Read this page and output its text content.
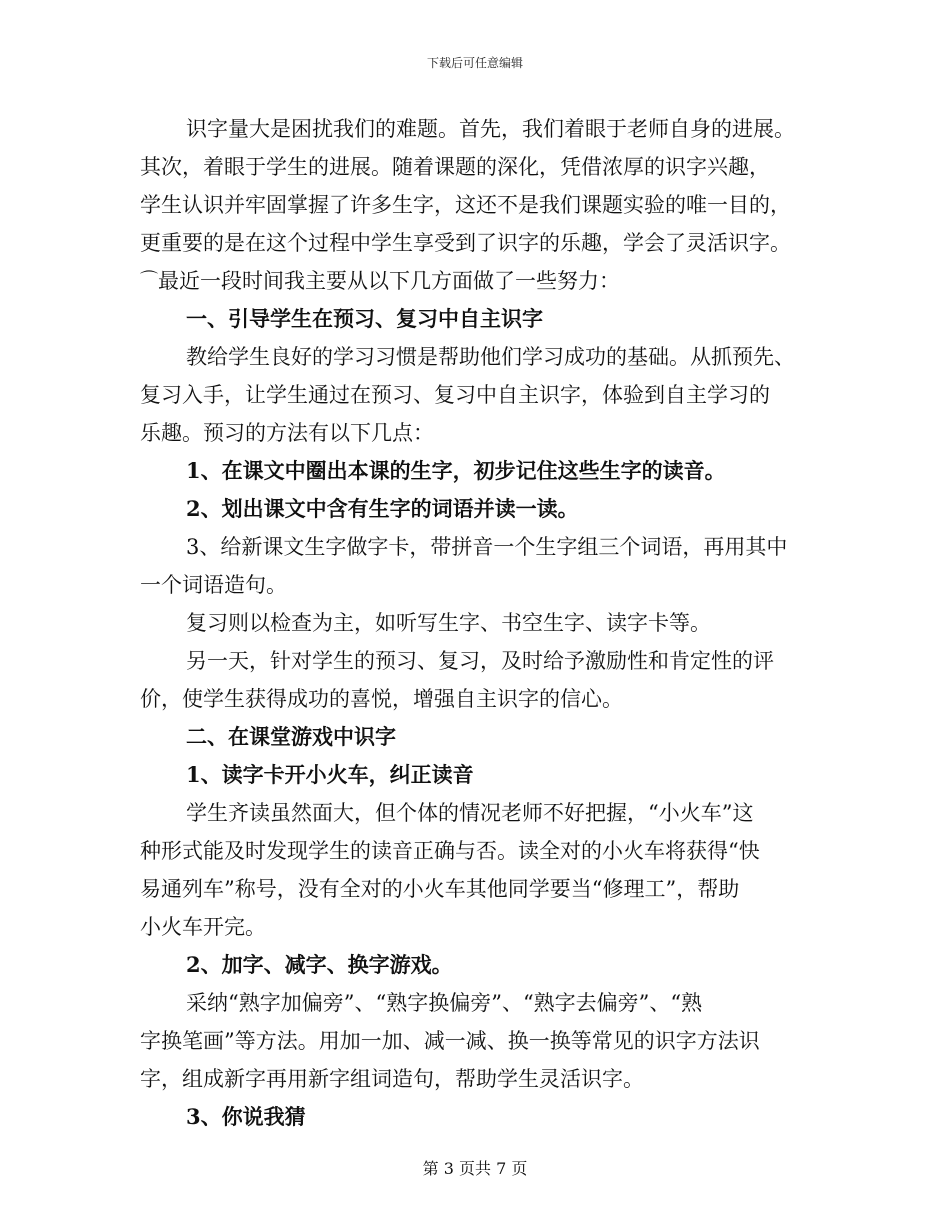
下载后可任意编辑
识字量大是困扰我们的难题。首先，我们着眼于老师自身的进展。
其次，着眼于学生的进展。随着课题的深化，凭借浓厚的识字兴趣，
学生认识并牢固掌握了许多生字，这还不是我们课题实验的唯一目的，
更重要的是在这个过程中学生享受到了识字的乐趣，学会了灵活识字。
⌒最近一段时间我主要从以下几方面做了一些努力：
一、引导学生在预习、复习中自主识字
教给学生良好的学习习惯是帮助他们学习成功的基础。从抓预先、
复习入手，让学生通过在预习、复习中自主识字，体验到自主学习的
乐趣。预习的方法有以下几点：
1、在课文中圈出本课的生字，初步记住这些生字的读音。
2、划出课文中含有生字的词语并读一读。
3、给新课文生字做字卡，带拼音一个生字组三个词语，再用其中
一个词语造句。
复习则以检查为主，如听写生字、书空生字、读字卡等。
另一天，针对学生的预习、复习，及时给予激励性和肯定性的评
价，使学生获得成功的喜悦，增强自主识字的信心。
二、在课堂游戏中识字
1、读字卡开小火车，纠正读音
学生齐读虽然面大，但个体的情况老师不好把握，“小火车”这
种形式能及时发现学生的读音正确与否。读全对的小火车将获得“快
易通列车”称号，没有全对的小火车其他同学要当“修理工”，帮助
小火车开完。
2、加字、减字、换字游戏。
采纳“熟字加偏旁”、“熟字换偏旁”、“熟字去偏旁”、“熟
字换笔画”等方法。用加一加、减一减、换一换等常见的识字方法识
字，组成新字再用新字组词造句，帮助学生灵活识字。
3、你说我猜
第 3 页共 7 页
